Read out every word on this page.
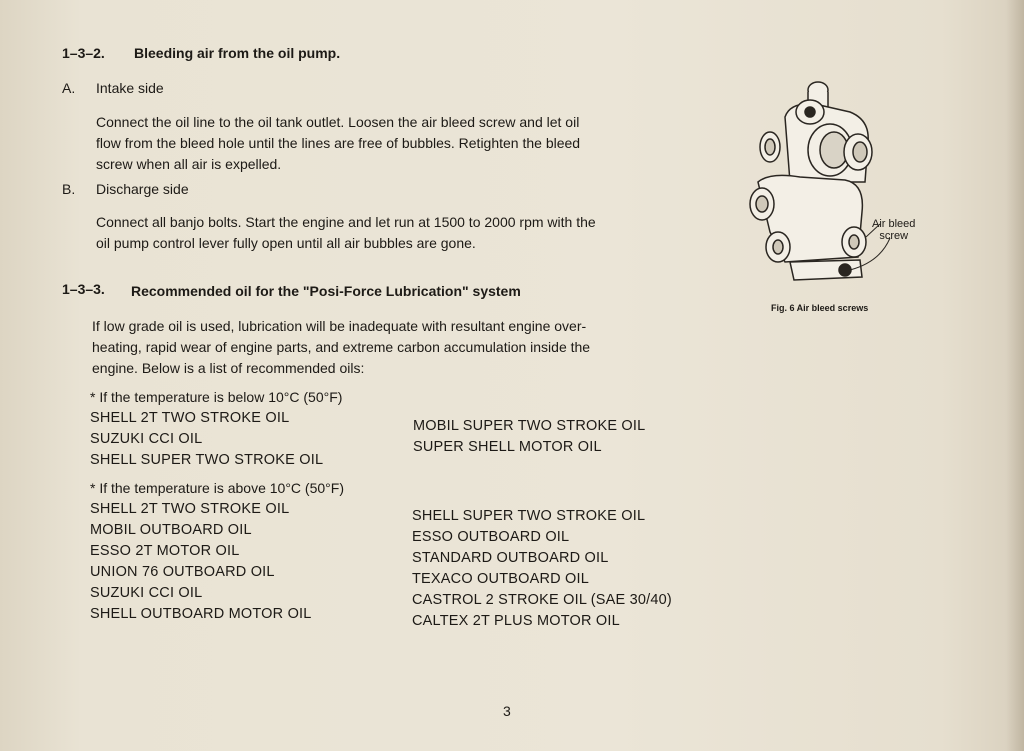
1–3–2. Bleeding air from the oil pump.
A. Intake side
Connect the oil line to the oil tank outlet. Loosen the air bleed screw and let oil
flow from the bleed hole until the lines are free of bubbles. Retighten the bleed
screw when all air is expelled.
B. Discharge side
Connect all banjo bolts. Start the engine and let run at 1500 to 2000 rpm with the
oil pump control lever fully open until all air bubbles are gone.
1–3–3. Recommended oil for the "Posi-Force Lubrication" system
If low grade oil is used, lubrication will be inadequate with resultant engine over-
heating, rapid wear of engine parts, and extreme carbon accumulation inside the
engine. Below is a list of recommended oils:
* If the temperature is below 10°C (50°F)
SHELL 2T TWO STROKE OIL
SUZUKI CCI OIL
SHELL SUPER TWO STROKE OIL
MOBIL SUPER TWO STROKE OIL
SUPER SHELL MOTOR OIL
* If the temperature is above 10°C (50°F)
SHELL 2T TWO STROKE OIL
MOBIL OUTBOARD OIL
ESSO 2T MOTOR OIL
UNION 76 OUTBOARD OIL
SUZUKI CCI OIL
SHELL OUTBOARD MOTOR OIL
SHELL SUPER TWO STROKE OIL
ESSO OUTBOARD OIL
STANDARD OUTBOARD OIL
TEXACO OUTBOARD OIL
CASTROL 2 STROKE OIL (SAE 30/40)
CALTEX 2T PLUS MOTOR OIL
Air bleed
screw
Fig. 6 Air bleed screws
3
